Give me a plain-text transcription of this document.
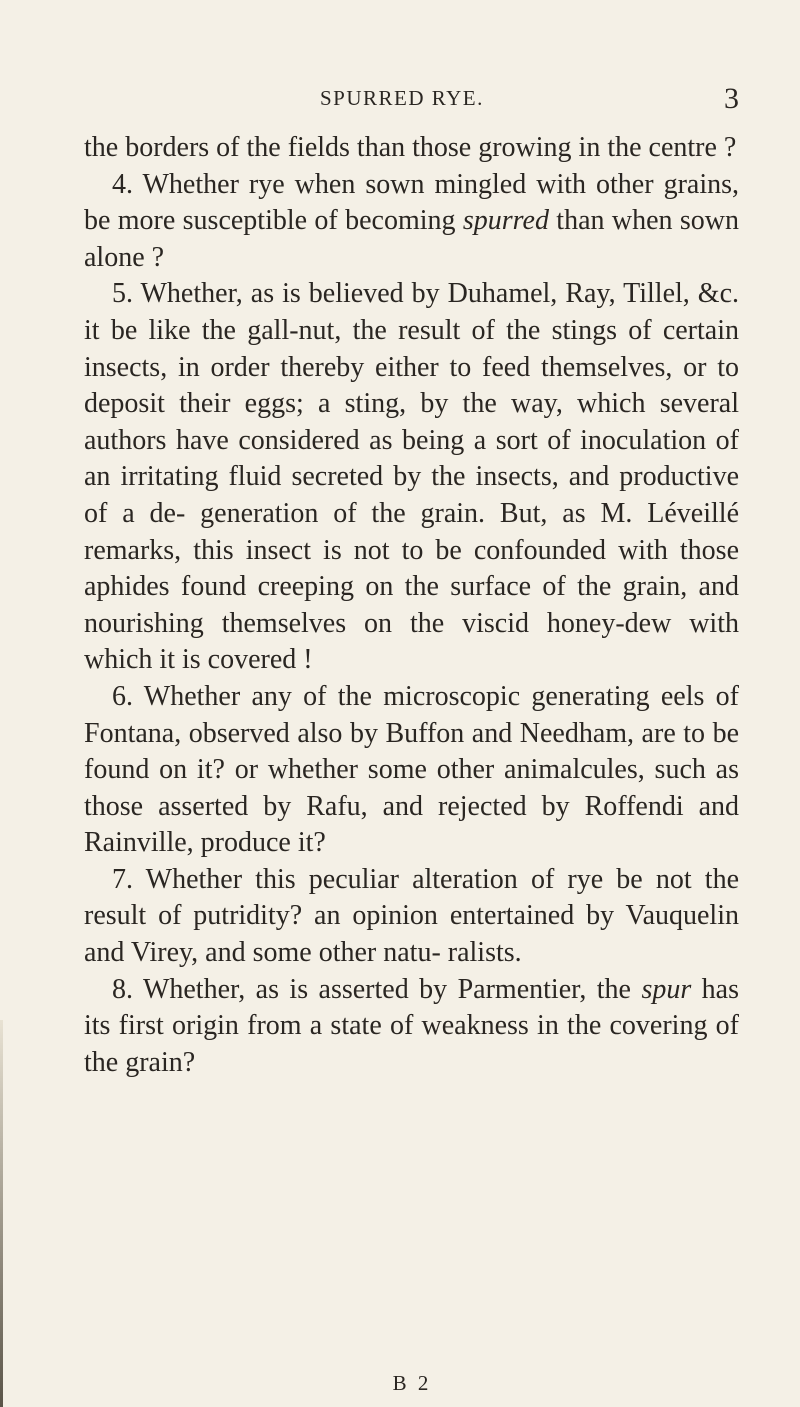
SPURRED RYE.	3

the borders of the fields than those growing in the centre ?

4. Whether rye when sown mingled with other grains, be more susceptible of becoming spurred than when sown alone ?

5. Whether, as is believed by Duhamel, Ray, Tillel, &c. it be like the gall-nut, the result of the stings of certain insects, in order thereby either to feed themselves, or to deposit their eggs; a sting, by the way, which several authors have considered as being a sort of inoculation of an irritating fluid secreted by the insects, and productive of a de- generation of the grain. But, as M. Léveillé remarks, this insect is not to be confounded with those aphides found creeping on the surface of the grain, and nourishing themselves on the viscid honey-dew with which it is covered !

6. Whether any of the microscopic generating eels of Fontana, observed also by Buffon and Needham, are to be found on it? or whether some other animalcules, such as those asserted by Rafu, and rejected by Roffendi and Rainville, produce it?

7. Whether this peculiar alteration of rye be not the result of putridity? an opinion entertained by Vauquelin and Virey, and some other natu- ralists.

8. Whether, as is asserted by Parmentier, the spur has its first origin from a state of weakness in the covering of the grain?

B 2
